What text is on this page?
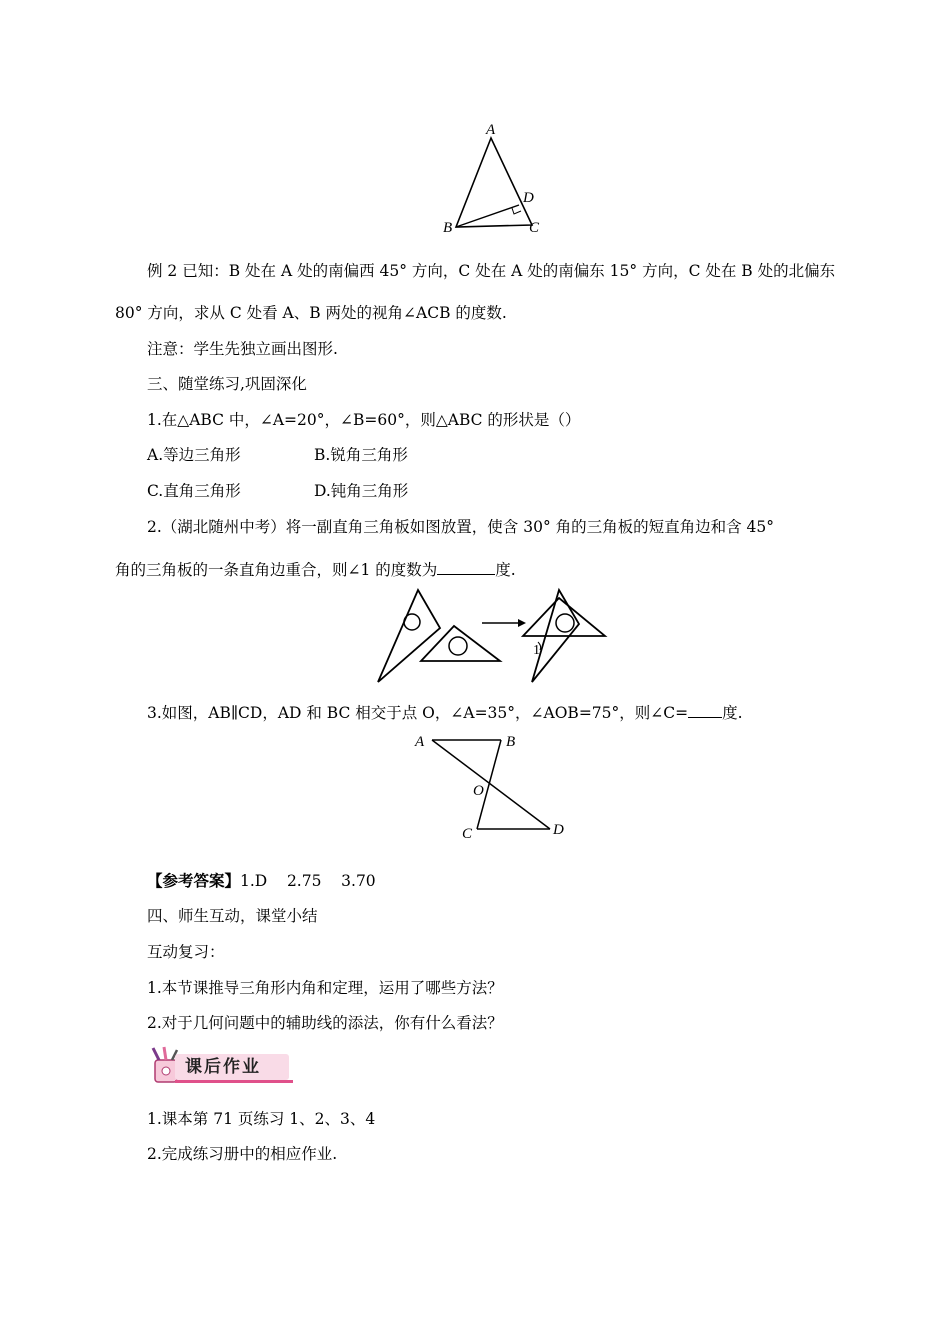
A
B	C
D
例 2 已知：B 处在 A 处的南偏西 45° 方向，C 处在 A 处的南偏东 15° 方向，C 处在 B 处的北偏东
80° 方向，求从 C 处看 A、B 两处的视角∠ACB 的度数.
注意：学生先独立画出图形.
三、随堂练习,巩固深化
1.在△ABC 中，∠A=20°，∠B=60°，则△ABC 的形状是（）
A.等边三角形	B.锐角三角形
C.直角三角形	D.钝角三角形
2.（湖北随州中考）将一副直角三角板如图放置，使含 30° 角的三角板的短直角边和含 45°
角的三角板的一条直角边重合，则∠1 的度数为	度.
1
3.如图，AB∥CD，AD 和 BC 相交于点 O，∠A=35°，∠AOB=75°，则∠C= 度.
A	B
O
C	D
【参考答案】1.D    2.75    3.70
四、师生互动，课堂小结
互动复习：
1.本节课推导三角形内角和定理，运用了哪些方法？
2.对于几何问题中的辅助线的添法，你有什么看法？
课后作业
1.课本第 71 页练习 1、2、3、4
2.完成练习册中的相应作业.
